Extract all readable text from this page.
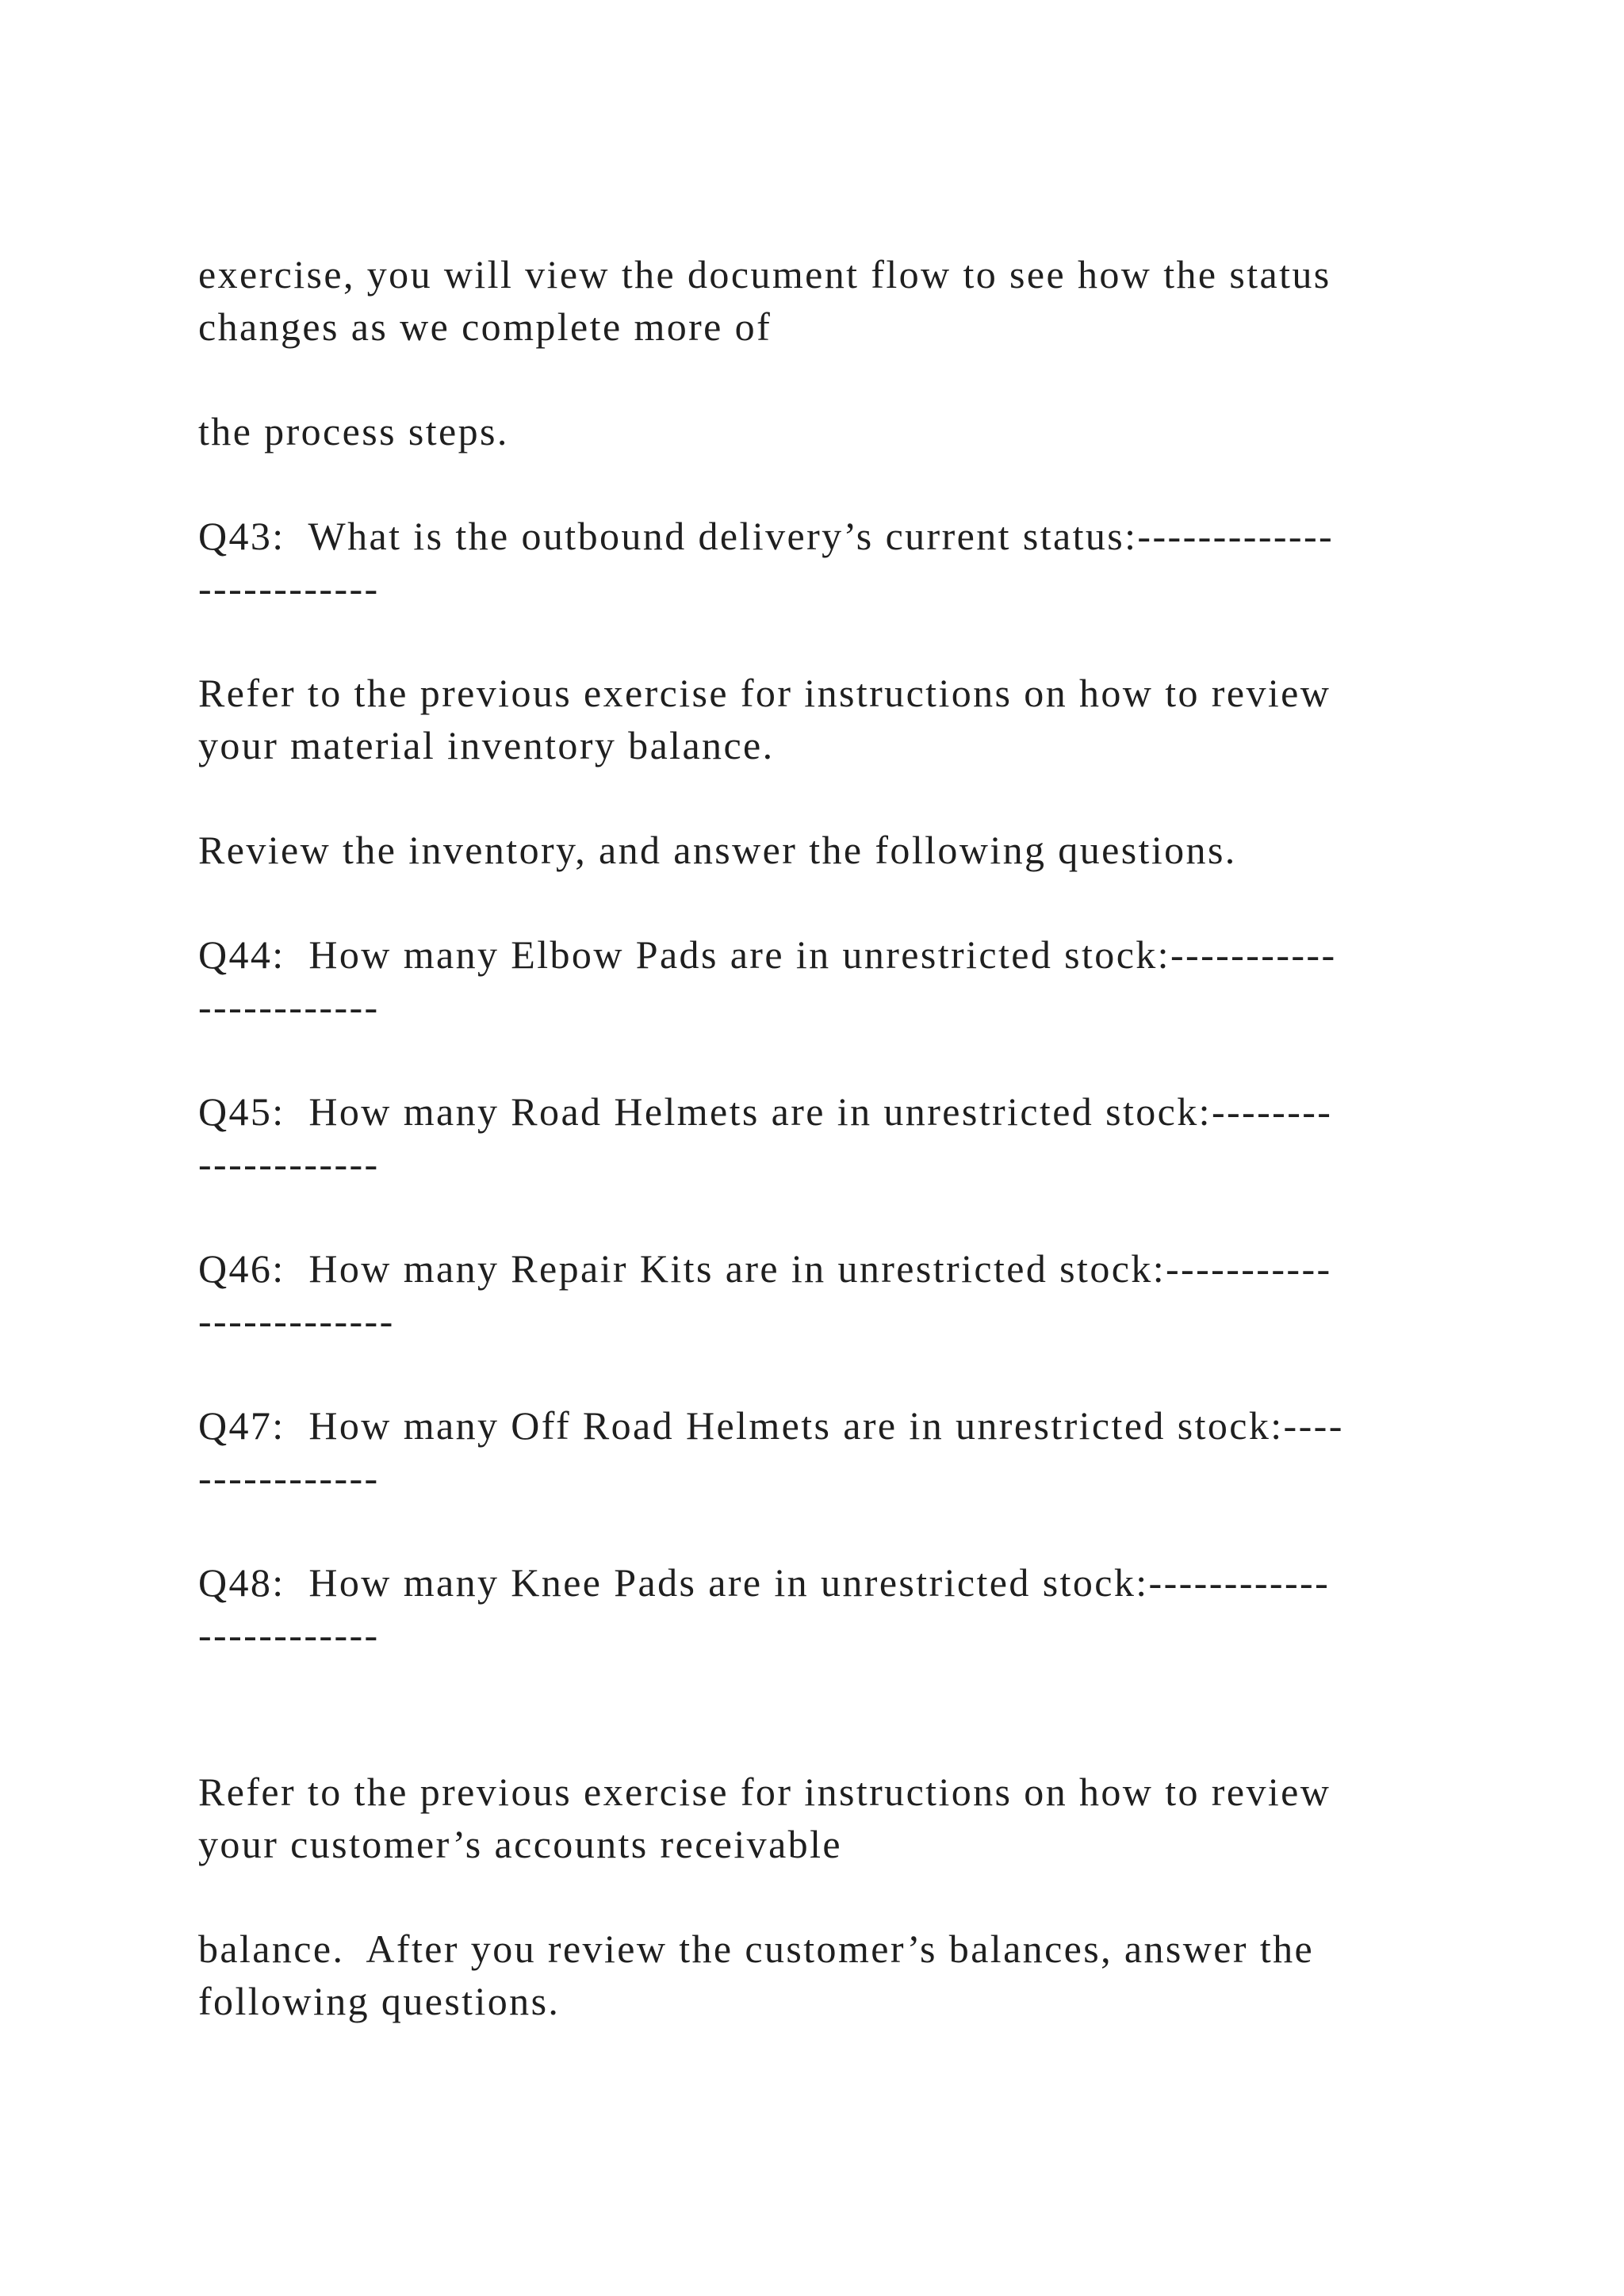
exercise, you will view the document flow to see how the status
changes as we complete more of
the process steps.
Q43:  What is the outbound delivery’s current status:-------------
------------
Refer to the previous exercise for instructions on how to review
your material inventory balance.
Review the inventory, and answer the following questions.
Q44:  How many Elbow Pads are in unrestricted stock:-----------
------------
Q45:  How many Road Helmets are in unrestricted stock:--------
------------
Q46:  How many Repair Kits are in unrestricted stock:-----------
-------------
Q47:  How many Off Road Helmets are in unrestricted stock:----
------------
Q48:  How many Knee Pads are in unrestricted stock:------------
------------
Refer to the previous exercise for instructions on how to review
your customer’s accounts receivable
balance.  After you review the customer’s balances, answer the
following questions.
